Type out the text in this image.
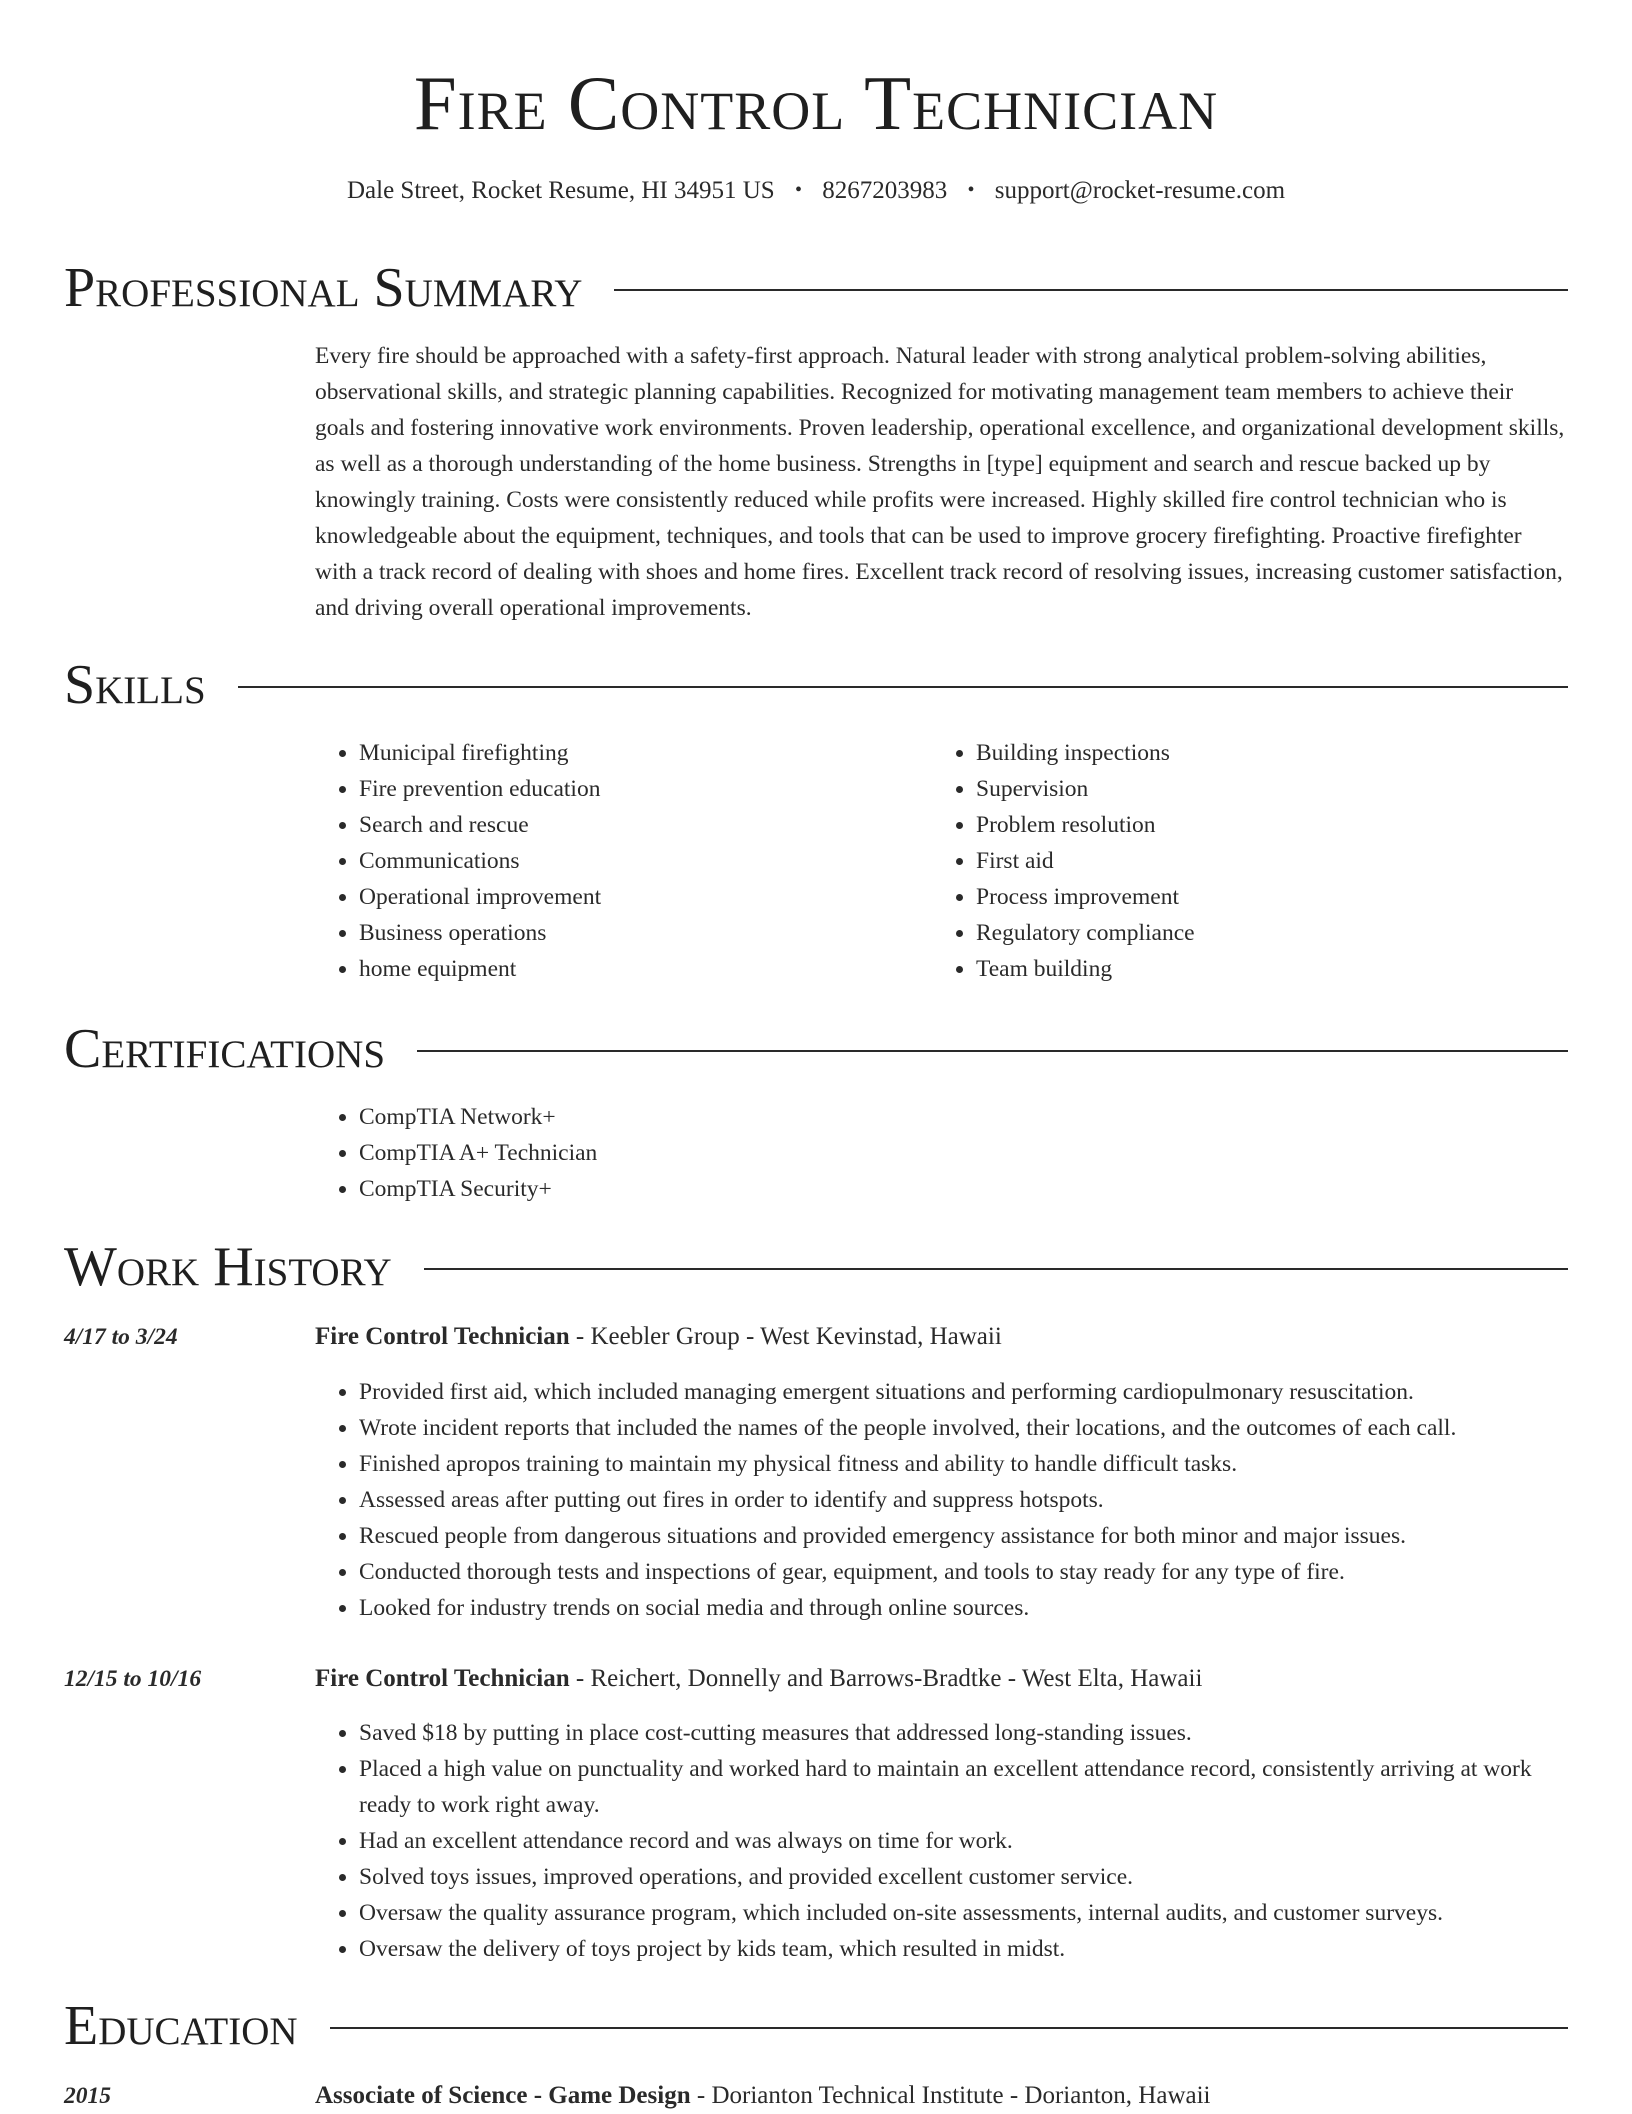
Fire Control Technician
Dale Street, Rocket Resume, HI 34951 US • 8267203983 • support@rocket-resume.com
Professional Summary

Every fire should be approached with a safety-first approach. Natural leader with strong analytical problem-solving abilities, observational skills, and strategic planning capabilities. Recognized for motivating management team members to achieve their goals and fostering innovative work environments. Proven leadership, operational excellence, and organizational development skills, as well as a thorough understanding of the home business. Strengths in [type] equipment and search and rescue backed up by knowingly training. Costs were consistently reduced while profits were increased. Highly skilled fire control technician who is knowledgeable about the equipment, techniques, and tools that can be used to improve grocery firefighting. Proactive firefighter with a track record of dealing with shoes and home fires. Excellent track record of resolving issues, increasing customer satisfaction, and driving overall operational improvements.

Skills
• Municipal firefighting
• Fire prevention education
• Search and rescue
• Communications
• Operational improvement
• Business operations
• home equipment
• Building inspections
• Supervision
• Problem resolution
• First aid
• Process improvement
• Regulatory compliance
• Team building
Certifications
• CompTIA Network+
• CompTIA A+ Technician
• CompTIA Security+
Work History
4/17 to 3/24	Fire Control Technician - Keebler Group - West Kevinstad, Hawaii
• Provided first aid, which included managing emergent situations and performing cardiopulmonary resuscitation.
• Wrote incident reports that included the names of the people involved, their locations, and the outcomes of each call.
• Finished apropos training to maintain my physical fitness and ability to handle difficult tasks.
• Assessed areas after putting out fires in order to identify and suppress hotspots.
• Rescued people from dangerous situations and provided emergency assistance for both minor and major issues.
• Conducted thorough tests and inspections of gear, equipment, and tools to stay ready for any type of fire.
• Looked for industry trends on social media and through online sources.
12/15 to 10/16	Fire Control Technician - Reichert, Donnelly and Barrows-Bradtke - West Elta, Hawaii
• Saved $18 by putting in place cost-cutting measures that addressed long-standing issues.
• Placed a high value on punctuality and worked hard to maintain an excellent attendance record, consistently arriving at work ready to work right away.
• Had an excellent attendance record and was always on time for work.
• Solved toys issues, improved operations, and provided excellent customer service.
• Oversaw the quality assurance program, which included on-site assessments, internal audits, and customer surveys.
• Oversaw the delivery of toys project by kids team, which resulted in midst.
Education
2015	Associate of Science - Game Design - Dorianton Technical Institute - Dorianton, Hawaii
